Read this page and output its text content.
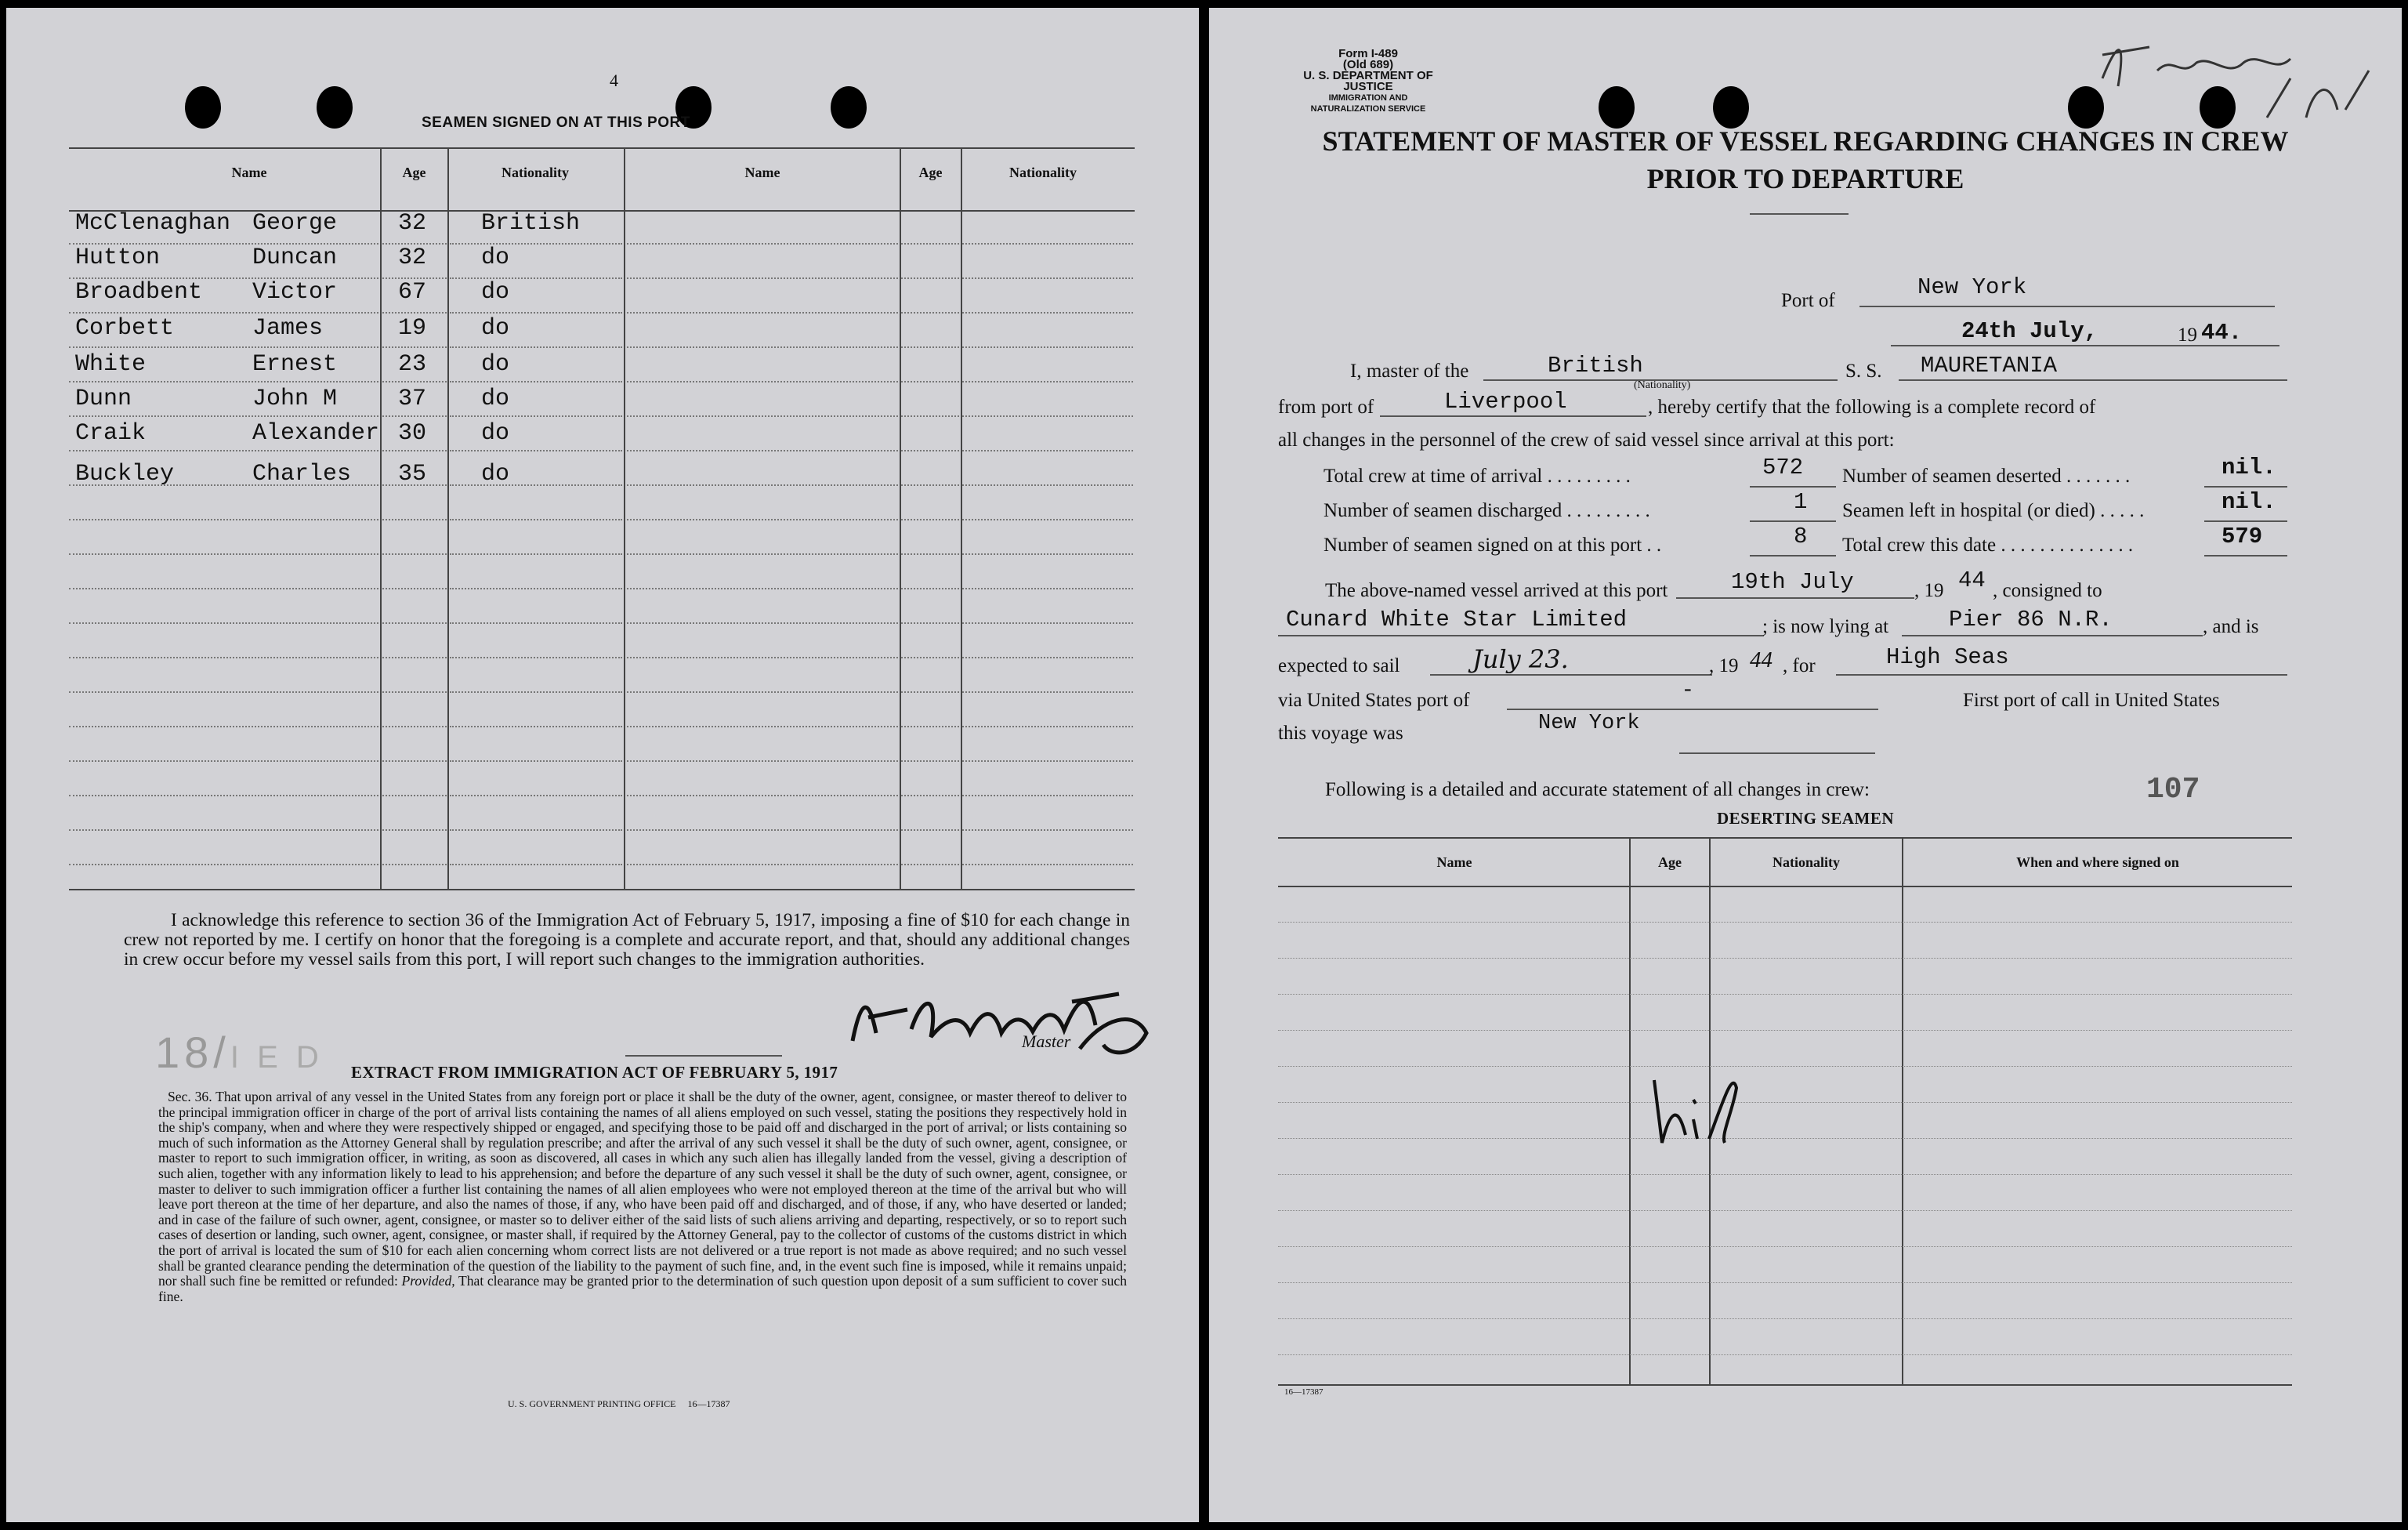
4
SEAMEN SIGNED ON AT THIS PORT
Name	Age	Nationality	Name	Age	Nationality
McClenaghan George	32 British
Hutton	Duncan	32 do
Broadbent Victor	67 do
Corbett	James	19 do
White	Ernest	23 do
Dunn	John M	37 do
Craik	Alexander 30 do
Buckley	Charles 35 do
I acknowledge this reference to section 36 of the Immigration Act of February 5, 1917, imposing a fine of $10 for each change in crew not reported by me. I certify on honor that the foregoing is a complete and accurate report, and that, should any additional changes in crew occur before my vessel sails from this port, I will report such changes to the immigration authorities.
18/I E D	Master
EXTRACT FROM IMMIGRATION ACT OF FEBRUARY 5, 1917
Sec. 36. That upon arrival of any vessel in the United States from any foreign port or place it shall be the duty of the owner, agent, consignee, or master thereof to deliver to the principal immigration officer in charge of the port of arrival lists containing the names of all aliens employed on such vessel, stating the positions they respectively hold in the ship's company, when and where they were respectively shipped or engaged, and specifying those to be paid off and discharged in the port of arrival; or lists containing so much of such information as the Attorney General shall by regulation prescribe; and after the arrival of any such vessel it shall be the duty of such owner, agent, consignee, or master to report to such immigration officer, in writing, as soon as discovered, all cases in which any such alien has illegally landed from the vessel, giving a description of such alien, together with any information likely to lead to his apprehension; and before the departure of any such vessel it shall be the duty of such owner, agent, consignee, or master to deliver to such immigration officer a further list containing the names of all alien employees who were not employed thereon at the time of the arrival but who will leave port thereon at the time of her departure, and also the names of those, if any, who have been paid off and discharged, and of those, if any, who have deserted or landed; and in case of the failure of such owner, agent, consignee, or master so to deliver either of the said lists of such aliens arriving and departing, respectively, or so to report such cases of desertion or landing, such owner, agent, consignee, or master shall, if required by the Attorney General, pay to the collector of customs of the customs district in which the port of arrival is located the sum of $10 for each alien concerning whom correct lists are not delivered or a true report is not made as above required; and no such vessel shall be granted clearance pending the determination of the question of the liability to the payment of such fine, and, in the event such fine is imposed, while it remains unpaid; nor shall such fine be remitted or refunded: Provided, That clearance may be granted prior to the determination of such question upon deposit of a sum sufficient to cover such fine.
U. S. GOVERNMENT PRINTING OFFICE     16—17387
Form I-489
(Old 689)
U. S. DEPARTMENT OF JUSTICE
IMMIGRATION AND NATURALIZATION SERVICE
STATEMENT OF MASTER OF VESSEL REGARDING CHANGES IN CREW
PRIOR TO DEPARTURE
Port of
New York
24th July,	19 44.
I, master of the	British
(Nationality)
S. S. MAURETANIA
from port of	Liverpool	, hereby certify that the following is a complete record of
all changes in the personnel of the crew of said vessel since arrival at this port:
Total crew at time of arrival . . . . . . . . .	572
Number of seamen discharged . . . . . . . . .	1
Number of seamen signed on at this port . .	8
Number of seamen deserted . . . . . . .	nil.
Seamen left in hospital (or died) . . . . .	nil.
Total crew this date . . . . . . . . . . . . . .	579
The above-named vessel arrived at this port	19th July	, 19 44 , consigned to
Cunard White Star Limited	; is now lying at	Pier 86 N.R.	, and is
expected to sail	July 23.	, 19 44 , for	High Seas
via United States port of	-	First port of call in United States
this voyage was	New York
Following is a detailed and accurate statement of all changes in crew:	107
DESERTING SEAMEN
Name	Age	Nationality	When and where signed on
16—17387
